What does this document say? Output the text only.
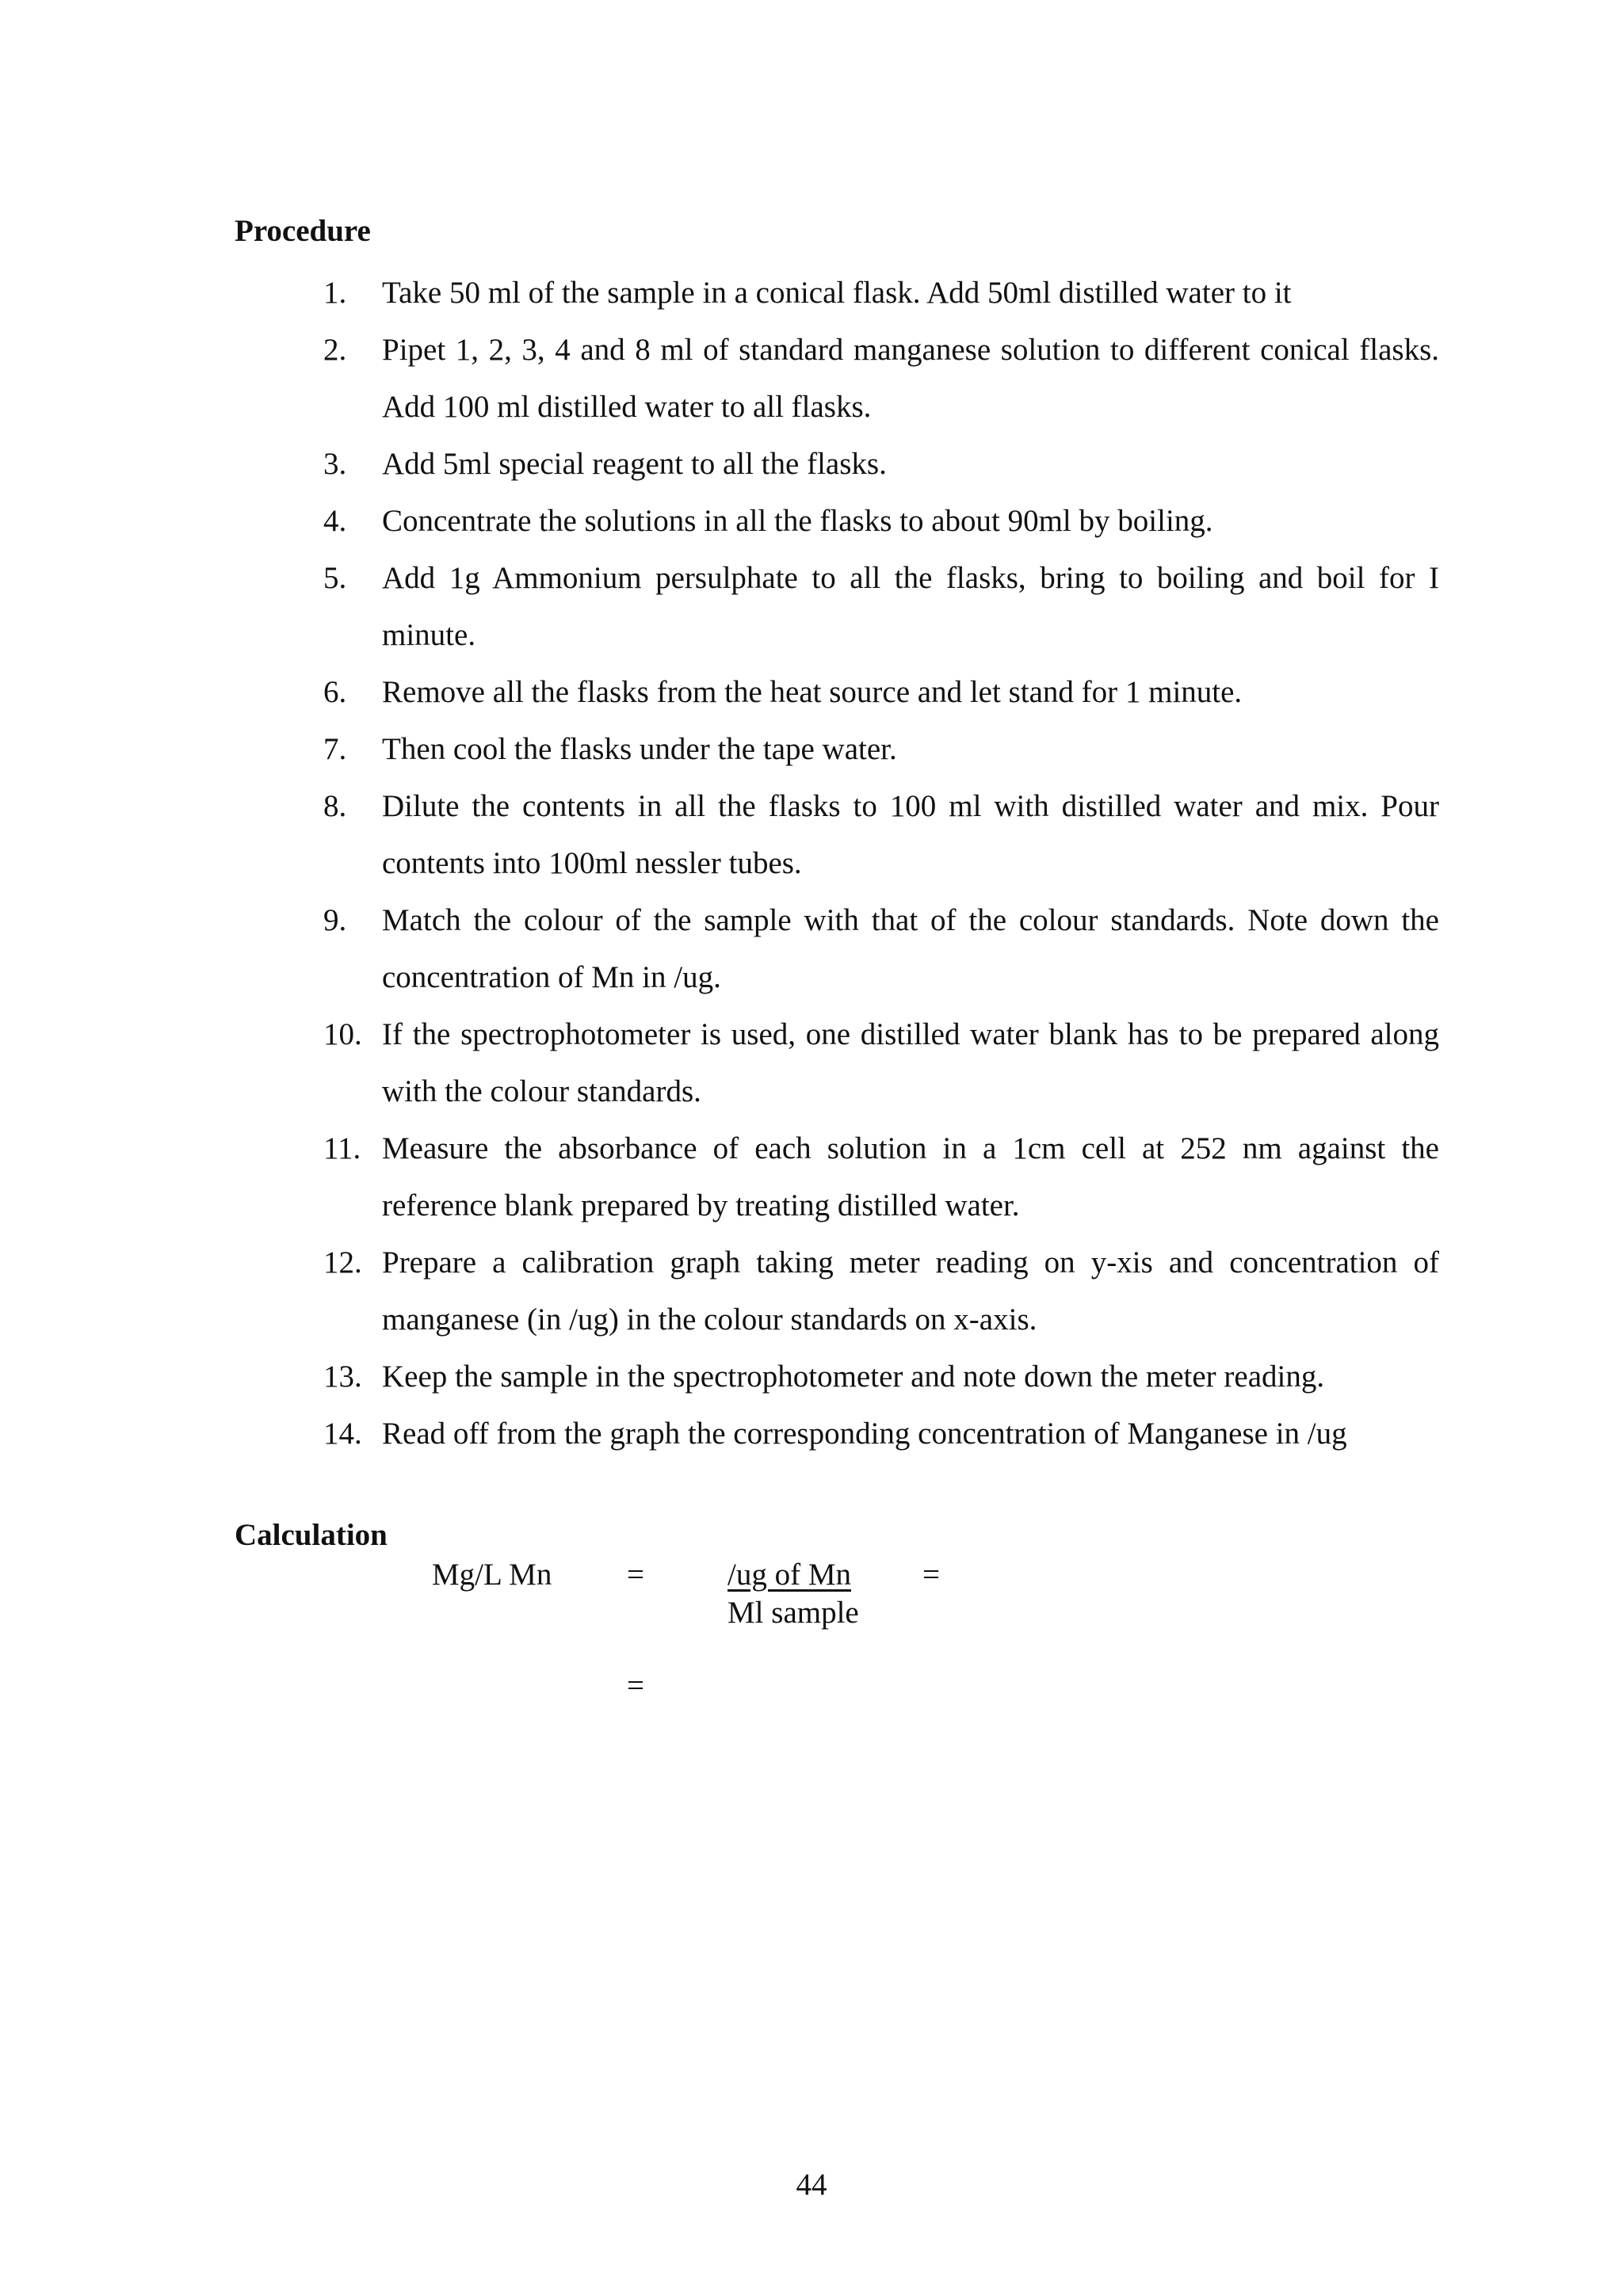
Procedure
1. Take 50 ml of the sample in a conical flask. Add 50ml distilled water to it
2. Pipet 1, 2, 3, 4 and 8 ml of standard manganese solution to different conical flasks. Add 100 ml distilled water to all flasks.
3. Add 5ml special reagent to all the flasks.
4. Concentrate the solutions in all the flasks to about 90ml by boiling.
5. Add 1g Ammonium persulphate to all the flasks, bring to boiling and boil for I minute.
6. Remove all the flasks from the heat source and let stand for 1 minute.
7. Then cool the flasks under the tape water.
8. Dilute the contents in all the flasks to 100 ml with distilled water and mix. Pour contents into 100ml nessler tubes.
9. Match the colour of the sample with that of the colour standards. Note down the concentration of Mn in /ug.
10. If the spectrophotometer is used, one distilled water blank has to be prepared along with the colour standards.
11. Measure the absorbance of each solution in a 1cm cell at 252 nm against the reference blank prepared by treating distilled water.
12. Prepare a calibration graph taking meter reading on y-xis and concentration of manganese (in /ug) in the colour standards on x-axis.
13. Keep the sample in the spectrophotometer and note down the meter reading.
14. Read off from the graph the corresponding concentration of Manganese in /ug
Calculation
Mg/L Mn =	/ug of Mn =
Ml sample
=
44
